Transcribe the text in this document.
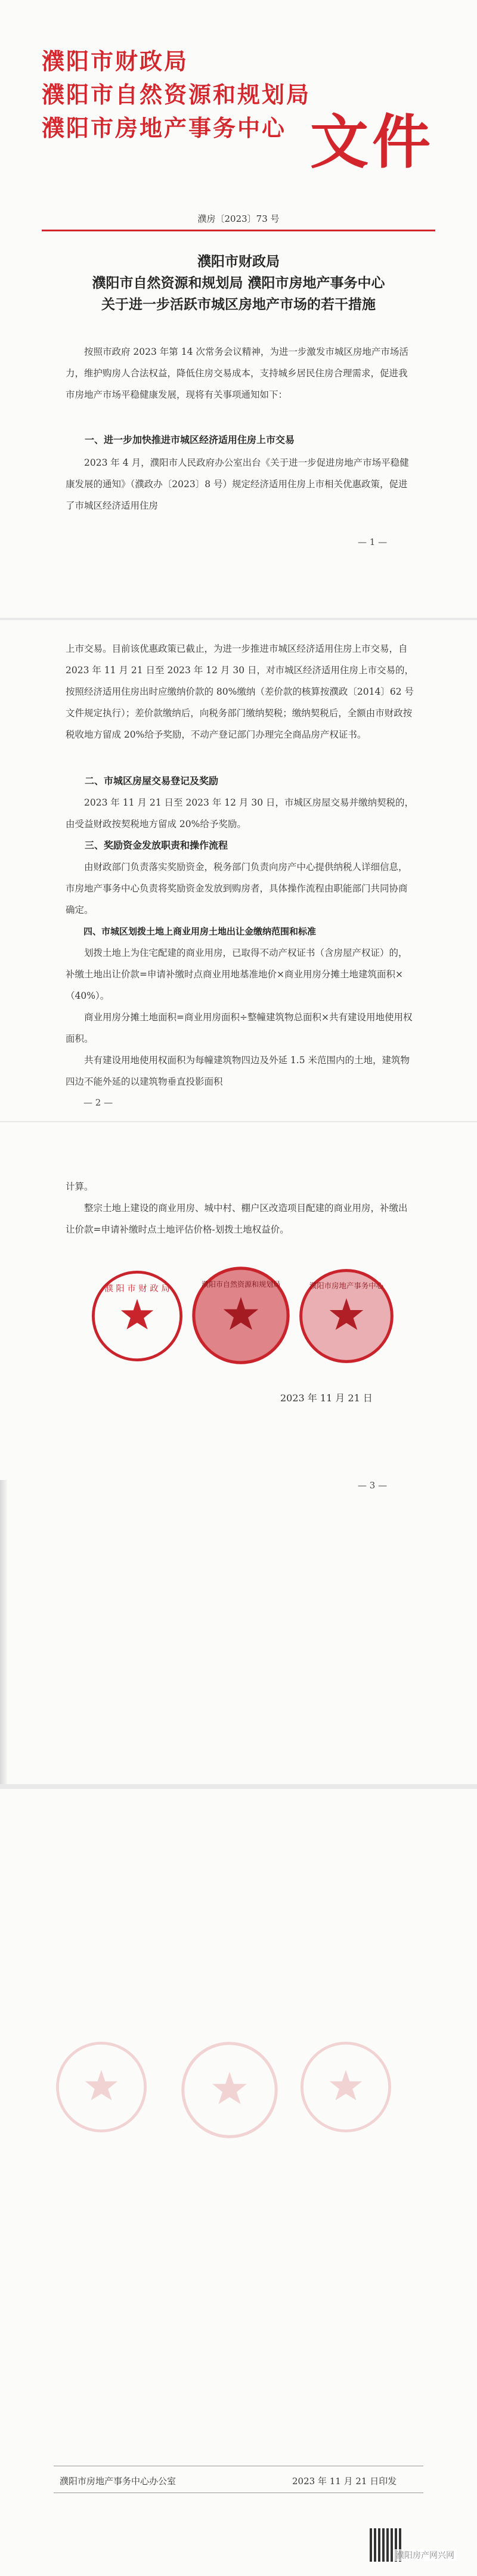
濮阳市财政局
濮阳市自然资源和规划局
濮阳市房地产事务中心 文件
濮房〔2023〕73 号
濮阳市财政局
濮阳市自然资源和规划局 濮阳市房地产事务中心
关于进一步活跃市城区房地产市场的若干措施
按照市政府 2023 年第 14 次常务会议精神，为进一步激发市城区房地产市场活力，维护购房人合法权益，降低住房交易成本，支持城乡居民住房合理需求，促进我市房地产市场平稳健康发展，现将有关事项通知如下：
一、进一步加快推进市城区经济适用住房上市交易
2023 年 4 月，濮阳市人民政府办公室出台《关于进一步促进房地产市场平稳健康发展的通知》（濮政办〔2023〕8 号）规定经济适用住房上市相关优惠政策，促进了市城区经济适用住房
— 1 —
上市交易。目前该优惠政策已截止，为进一步推进市城区经济适用住房上市交易，自 2023 年 11 月 21 日至 2023 年 12 月 30 日，对市城区经济适用住房上市交易的，按照经济适用住房出时应缴纳价款的 80%缴纳（差价款的核算按濮政〔2014〕62 号文件规定执行）；差价款缴纳后，向税务部门缴纳契税；缴纳契税后，全额由市财政按税收地方留成 20%给予奖励，不动产登记部门办理完全商品房产权证书。
二、市城区房屋交易登记及奖励
2023 年 11 月 21 日至 2023 年 12 月 30 日，市城区房屋交易并缴纳契税的，由受益财政按契税地方留成 20%给予奖励。
三、奖励资金发放职责和操作流程
由财政部门负责落实奖励资金，税务部门负责向房产中心提供纳税人详细信息，市房地产事务中心负责将奖励资金发放到购房者，具体操作流程由职能部门共同协商确定。
四、市城区划拨土地上商业用房土地出让金缴纳范围和标准
划拨土地上为住宅配建的商业用房，已取得不动产权证书（含房屋产权证）的，补缴土地出让价款=申请补缴时点商业用地基准地价×商业用房分摊土地建筑面积×（40%）。
商业用房分摊土地面积=商业用房面积÷整幢建筑物总面积×共有建设用地使用权面积。
共有建设用地使用权面积为每幢建筑物四边及外延 1.5 米范围内的土地，建筑物四边不能外延的以建筑物垂直投影面积
— 2 —
计算。
整宗土地上建设的商业用房、城中村、棚户区改造项目配建的商业用房，补缴出让价款=申请补缴时点土地评估价格-划拨土地权益价。
濮 阳 市 财 政 局	濮阳市自然资源和规划局	濮阳市房地产事务中心
2023 年 11 月 21 日
— 3 —
濮阳市房地产事务中心办公室	2023 年 11 月 21 日印发
濮阳房产网兴网
